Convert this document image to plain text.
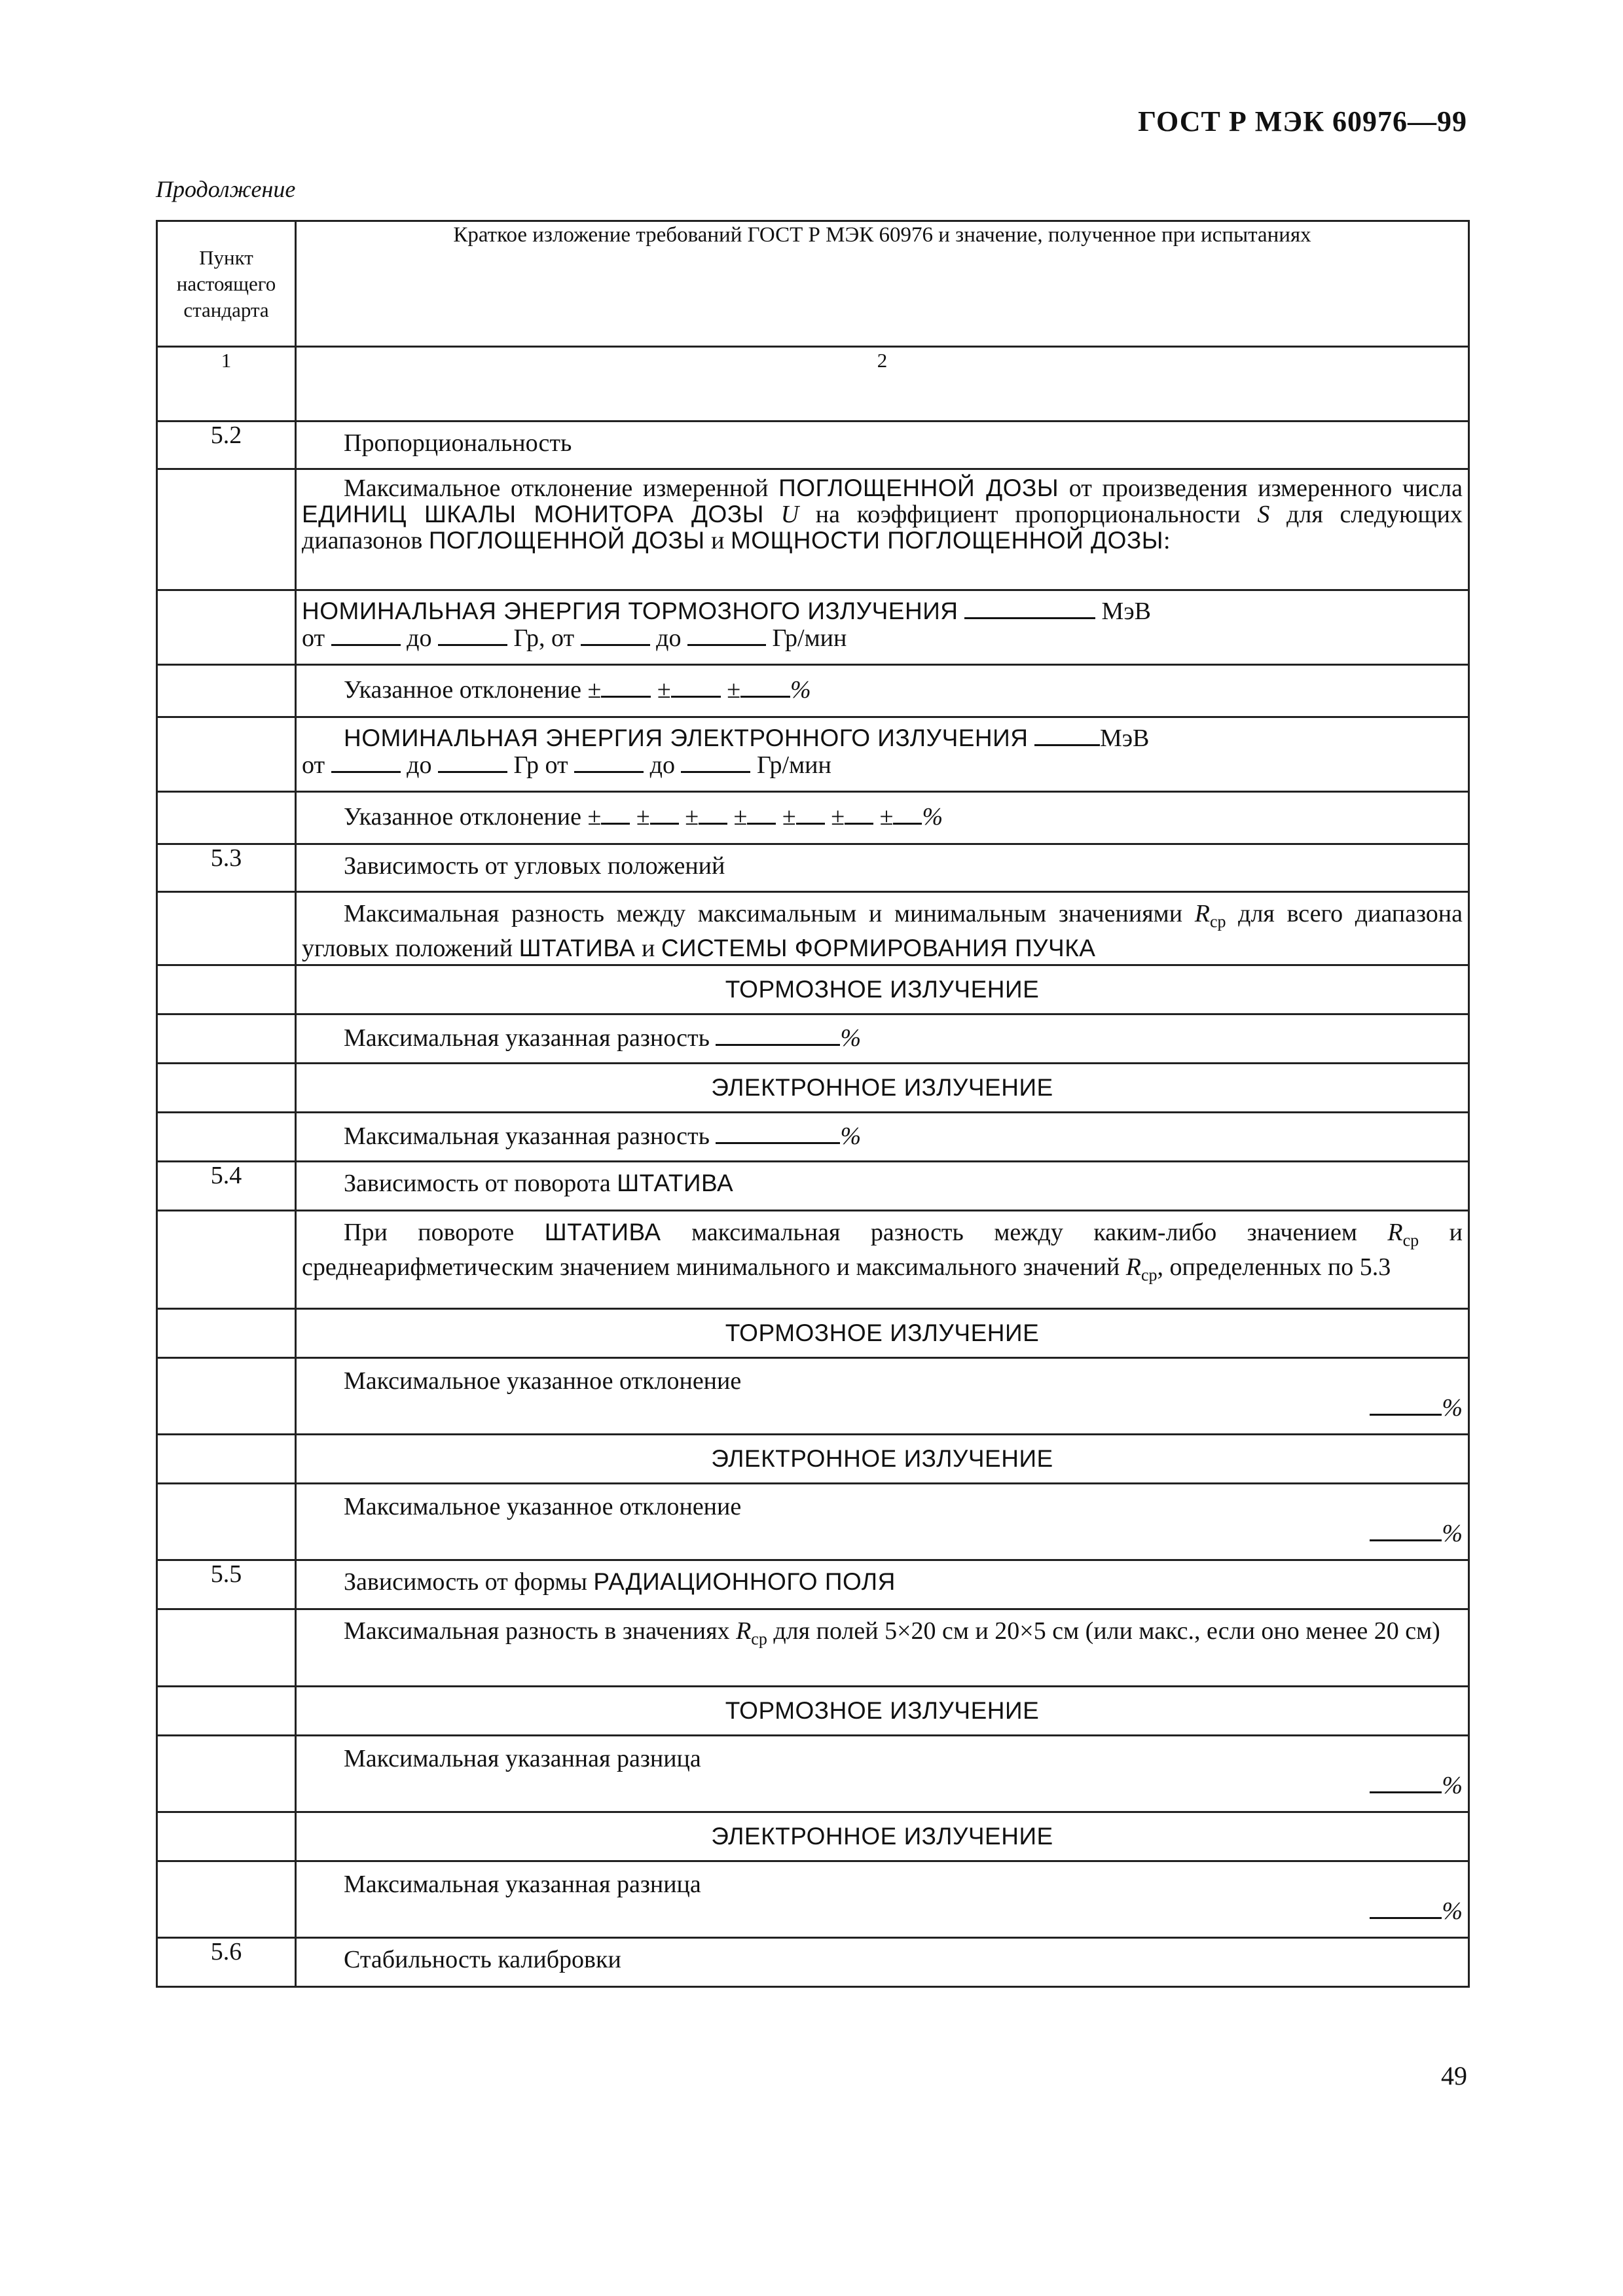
ГОСТ Р МЭК 60976—99
Продолжение
Пункт настоящего стандарта	Краткое изложение требований ГОСТ Р МЭК 60976 и значение, полученное при испытаниях
1	2
5.2	Пропорциональность
	Максимальное отклонение измеренной ПОГЛОЩЕННОЙ ДОЗЫ от произведения измеренного числа ЕДИНИЦ ШКАЛЫ МОНИТОРА ДОЗЫ U на коэффициент пропорциональности S для следующих диапазонов ПОГЛОЩЕННОЙ ДОЗЫ и МОЩНОСТИ ПОГЛОЩЕННОЙ ДОЗЫ:

	НОМИНАЛЬНАЯ ЭНЕРГИЯ ТОРМОЗНОГО ИЗЛУЧЕНИЯ МэВ
от до Гр, от до Гр/мин

	Указанное отклонение ± ± ± %

	НОМИНАЛЬНАЯ ЭНЕРГИЯ ЭЛЕКТРОННОГО ИЗЛУЧЕНИЯ МэВ
от до Гр от до Гр/мин

	Указанное отклонение ± ± ± ± ± ± ± %
5.3	Зависимость от угловых положений
	Максимальная разность между максимальным и минимальным значениями $R_{ср}$ для всего диапазона угловых положений ШТАТИВА и СИСТЕМЫ ФОРМИРОВАНИЯ ПУЧКА
	ТОРМОЗНОЕ ИЗЛУЧЕНИЕ
	Максимальная указанная разность %
	ЭЛЕКТРОННОЕ ИЗЛУЧЕНИЕ
	Максимальная указанная разность %
5.4	Зависимость от поворота ШТАТИВА
	При повороте ШТАТИВА максимальная разность между каким-либо значением $R_{ср}$ и среднеарифметическим значением минимального и максимального значений $R_{ср}$, определенных по 5.3
	ТОРМОЗНОЕ ИЗЛУЧЕНИЕ

	Максимальное указанное отклонение
%

	ЭЛЕКТРОННОЕ ИЗЛУЧЕНИЕ

	Максимальное указанное отклонение
%

5.5	Зависимость от формы РАДИАЦИОННОГО ПОЛЯ
	Максимальная разность в значениях $R_{ср}$ для полей 5×20 см и 20×5 см (или макс., если оно менее 20 см)
	ТОРМОЗНОЕ ИЗЛУЧЕНИЕ

	Максимальная указанная разница
%

	ЭЛЕКТРОННОЕ ИЗЛУЧЕНИЕ

	Максимальная указанная разница
%

5.6	Стабильность калибровки
49
